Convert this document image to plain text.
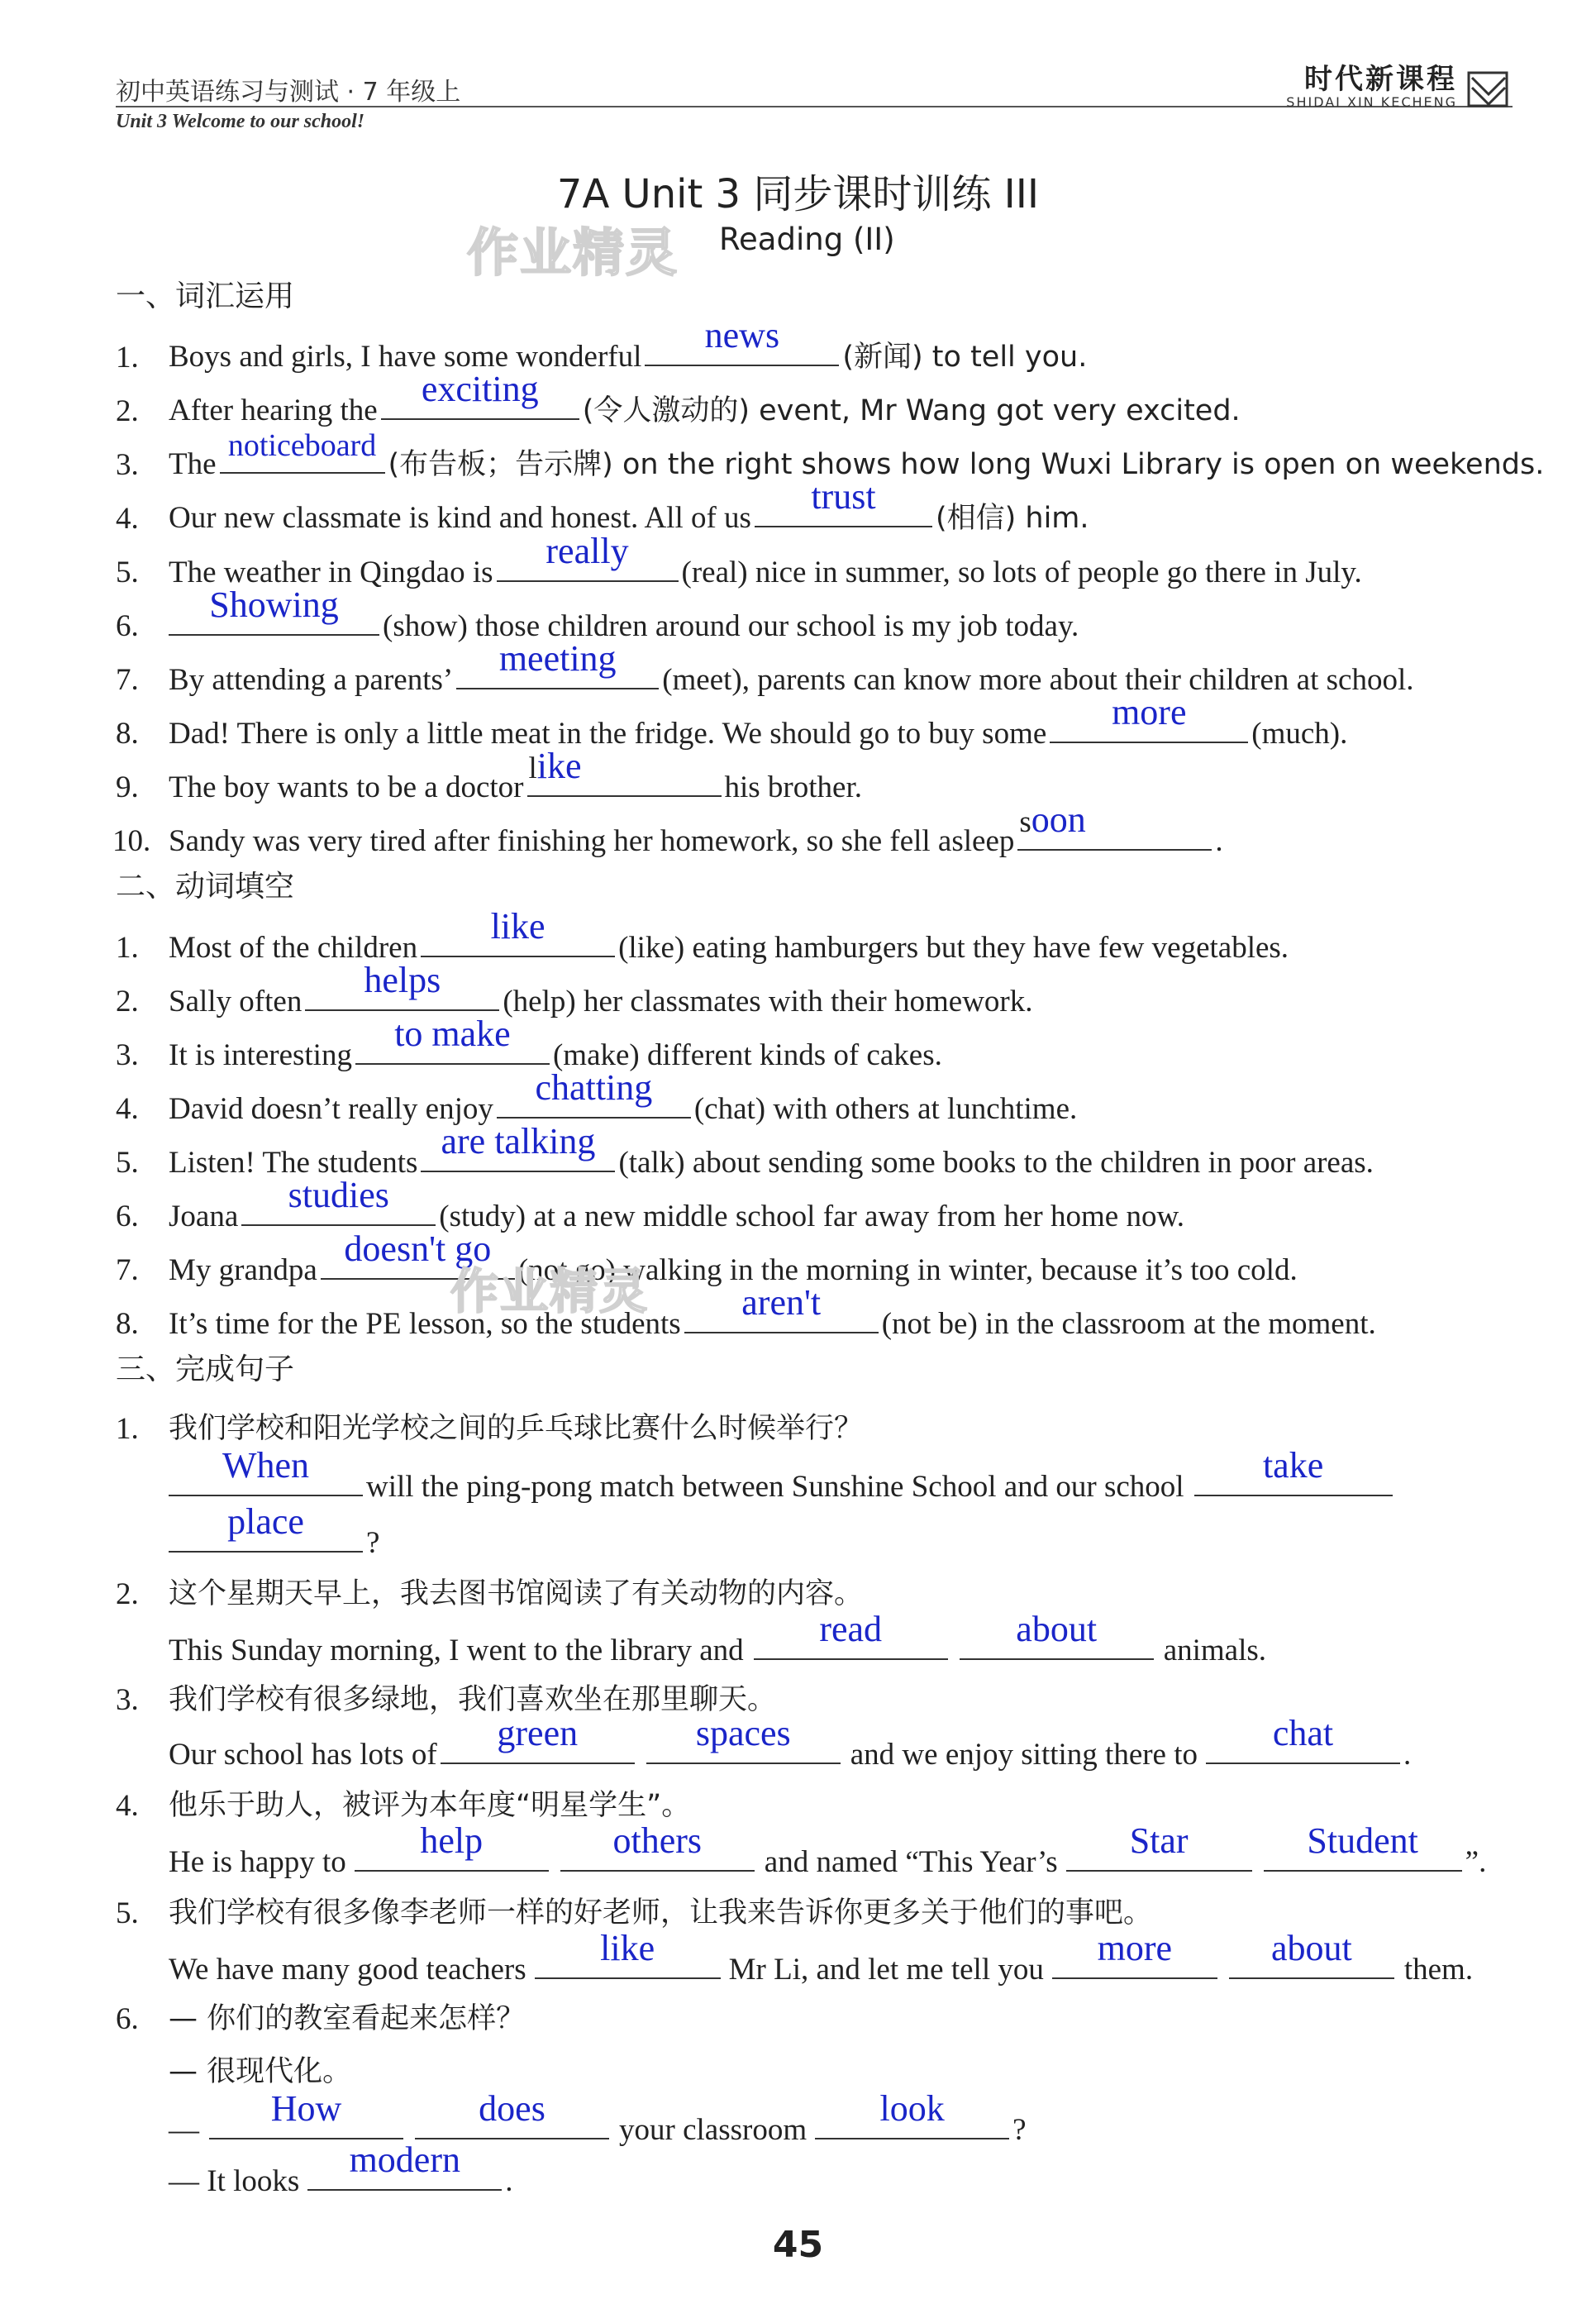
初中英语练习与测试 · 7 年级上
Unit 3 Welcome to our school!
时代新课程
SHIDAI XIN KECHENG
7A Unit 3 同步课时训练 III
作业精灵 Reading (II)
一、词汇运用
1. Boys and girls, I have some wonderful
news
(新闻) to tell you.
2. After hearing the
exciting
(令人激动的) event, Mr Wang got very excited.
3. The
noticeboard
(布告板；告示牌) on the right shows how long Wuxi Library is open on weekends.
4. Our new classmate is kind and honest. All of us
trust
(相信) him.
5. The weather in Qingdao is
really
(real) nice in summer, so lots of people go there in July.
6.
Showing
(show) those children around our school is my job today.
7. By attending a parents’
meeting
(meet), parents can know more about their children at school.
8. Dad! There is only a little meat in the fridge. We should go to buy some
more
(much).
9. The boy wants to be a doctor
like
his brother.
10. Sandy was very tired after finishing her homework, so she fell asleep
soon
.
二、动词填空
1. Most of the children
like
(like) eating hamburgers but they have few vegetables.
2. Sally often
helps
(help) her classmates with their homework.
3. It is interesting
to make
(make) different kinds of cakes.
4. David doesn’t really enjoy
chatting
(chat) with others at lunchtime.
5. Listen! The students
are talking
(talk) about sending some books to the children in poor areas.
6. Joana
studies
(study) at a new middle school far away from her home now.
7. My grandpa
doesn't go
(not go) walking in the morning in winter, because it’s too cold.
作业精灵
8. It’s time for the PE lesson, so the students
aren't
(not be) in the classroom at the moment.
三、完成句子
1. 我们学校和阳光学校之间的乒乓球比赛什么时候举行？
When
will the ping-pong match between Sunshine School and our school
take
place
?
2. 这个星期天早上，我去图书馆阅读了有关动物的内容。
This Sunday morning, I went to the library and
read	about
animals.
3. 我们学校有很多绿地，我们喜欢坐在那里聊天。
Our school has lots of
green	spaces
and we enjoy sitting there to
chat
.
4. 他乐于助人，被评为本年度“明星学生”。
He is happy to
help	others
and named “This Year’s
Star	Student
”.
5. 我们学校有很多像李老师一样的好老师，让我来告诉你更多关于他们的事吧。
We have many good teachers
like
Mr Li, and let me tell you
more	about
them.
6. — 你们的教室看起来怎样？
— 很现代化。
—
How	does
your classroom
look
?
— It looks
modern
.
45
